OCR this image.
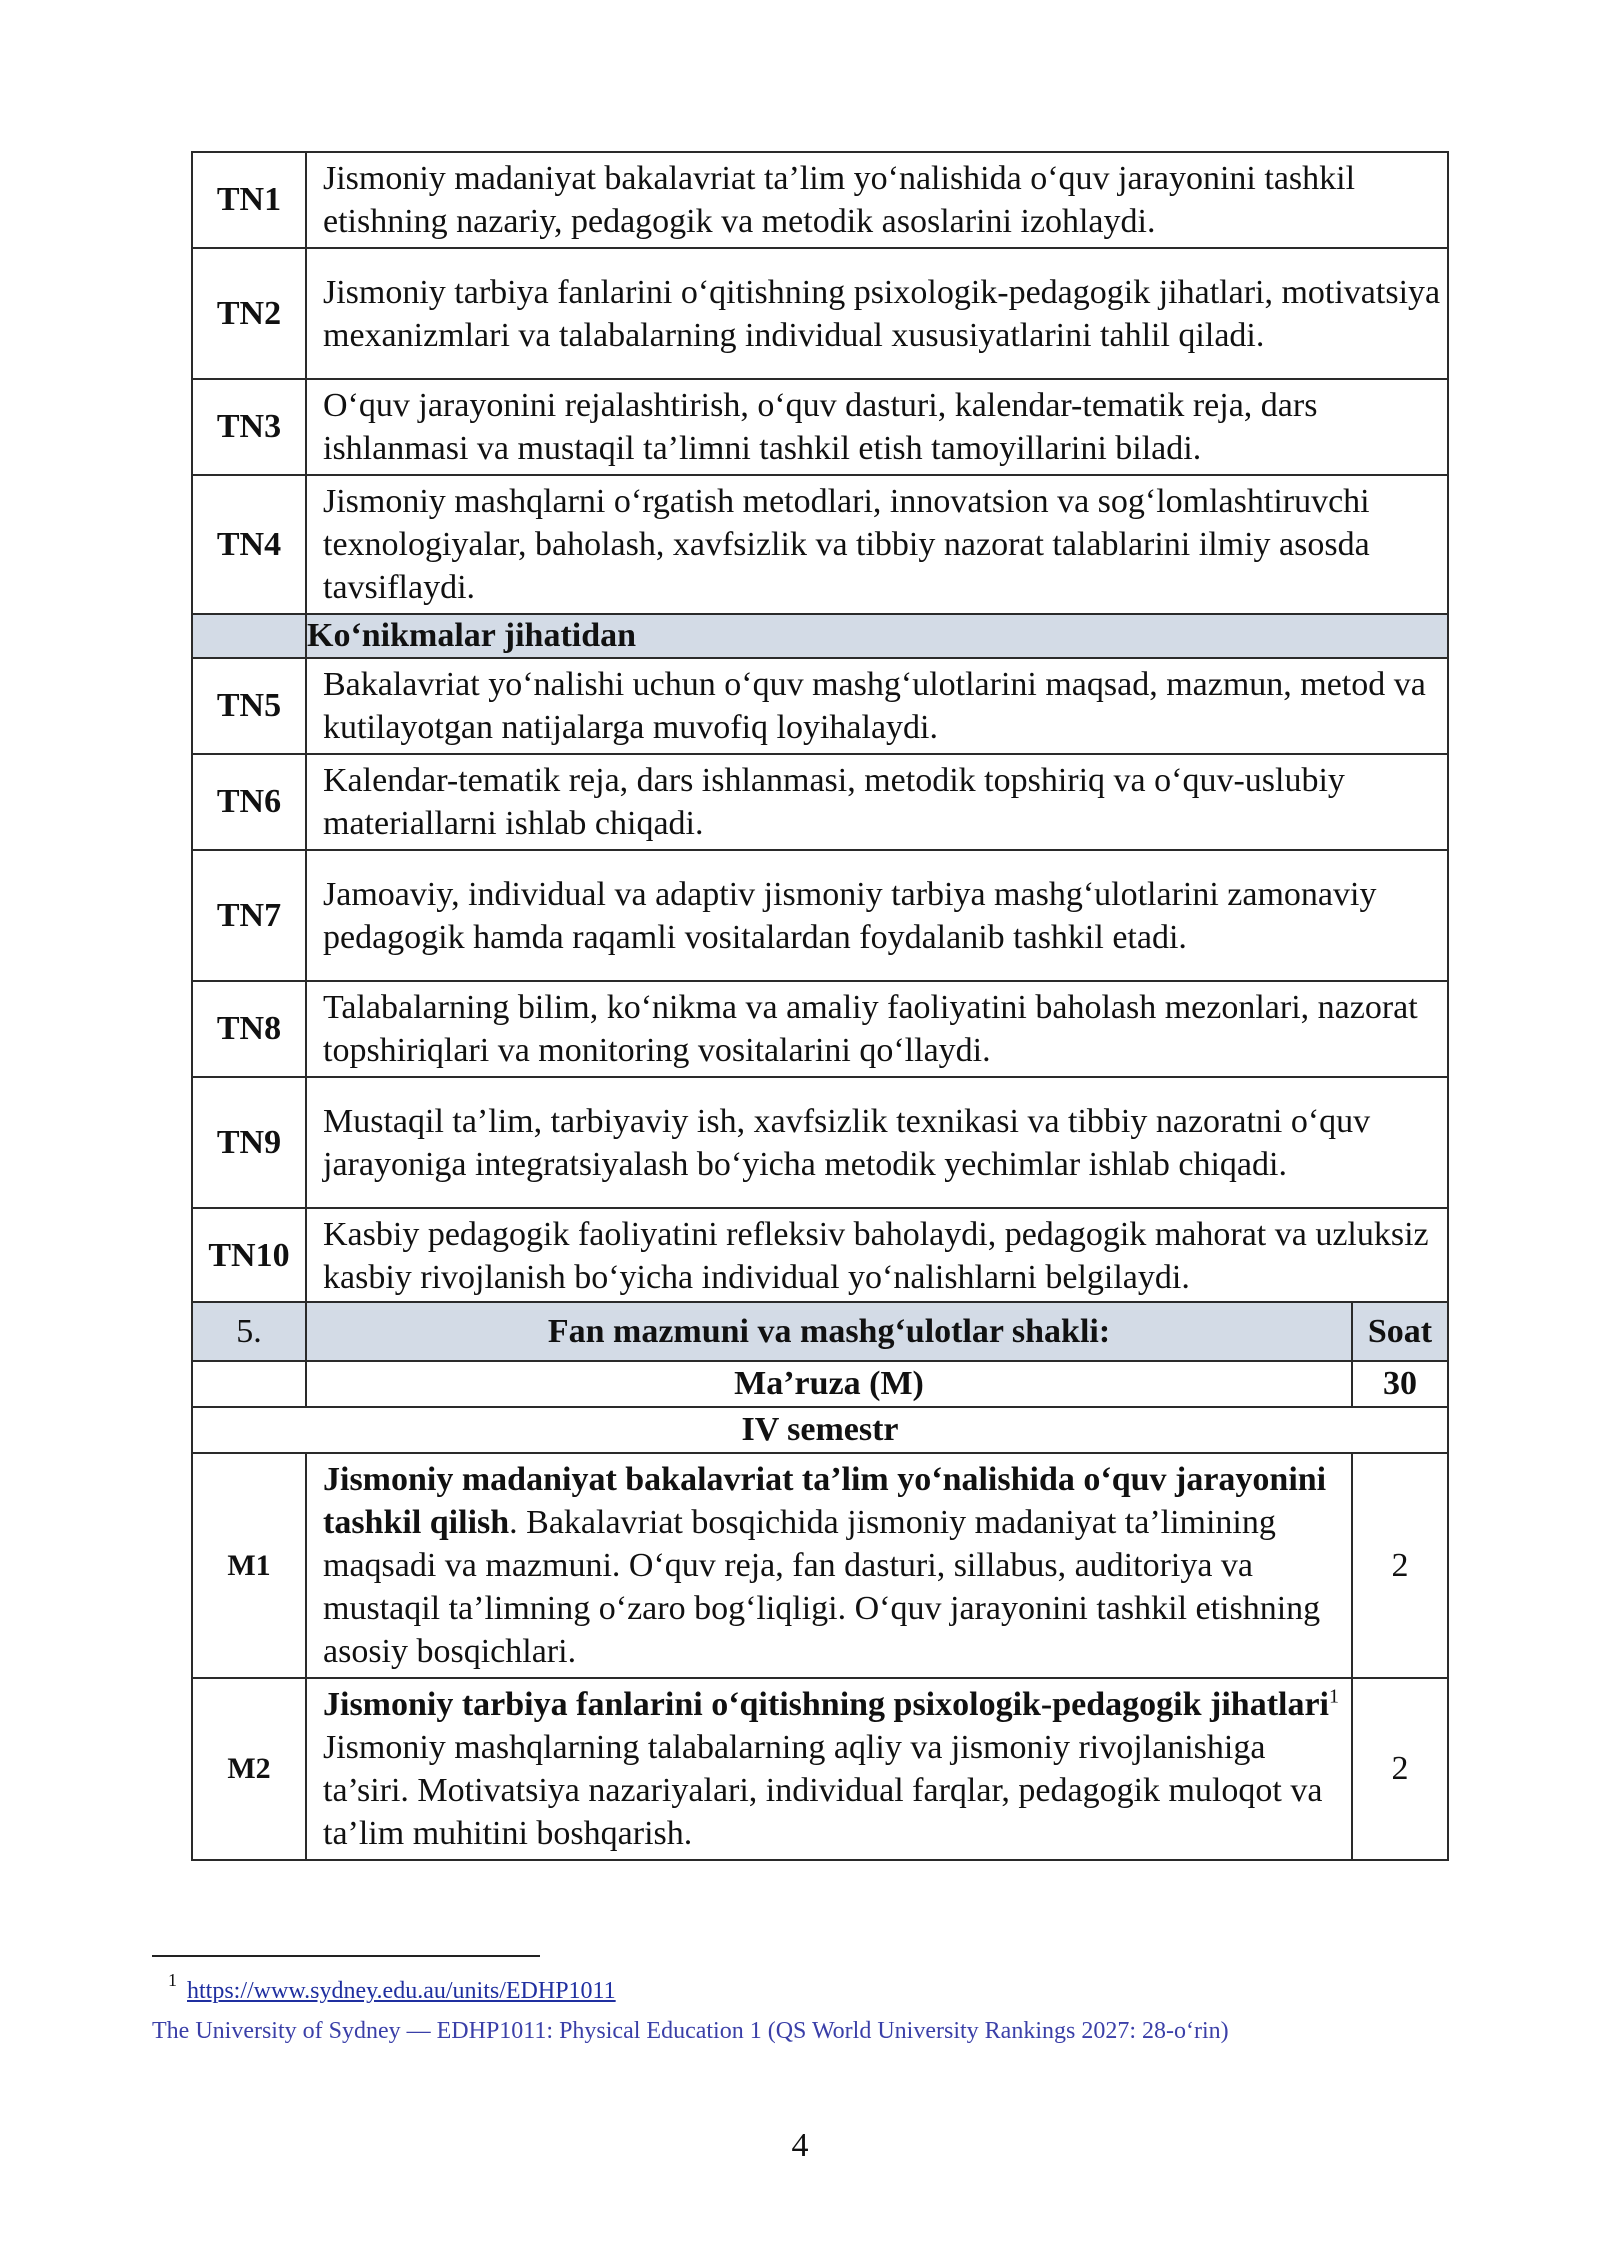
TN1	Jismoniy madaniyat bakalavriat ta’lim yo‘nalishida o‘quv jarayonini tashkil etishning nazariy, pedagogik va metodik asoslarini izohlaydi.
TN2	Jismoniy tarbiya fanlarini o‘qitishning psixologik-pedagogik jihatlari, motivatsiya mexanizmlari va talabalarning individual xususiyatlarini tahlil qiladi.
TN3	O‘quv jarayonini rejalashtirish, o‘quv dasturi, kalendar-tematik reja, dars ishlanmasi va mustaqil ta’limni tashkil etish tamoyillarini biladi.
TN4	Jismoniy mashqlarni o‘rgatish metodlari, innovatsion va sog‘lomlashtiruvchi texnologiyalar, baholash, xavfsizlik va tibbiy nazorat talablarini ilmiy asosda tavsiflaydi.
	Ko‘nikmalar jihatidan
TN5	Bakalavriat yo‘nalishi uchun o‘quv mashg‘ulotlarini maqsad, mazmun, metod va kutilayotgan natijalarga muvofiq loyihalaydi.
TN6	Kalendar-tematik reja, dars ishlanmasi, metodik topshiriq va o‘quv-uslubiy materiallarni ishlab chiqadi.
TN7	Jamoaviy, individual va adaptiv jismoniy tarbiya mashg‘ulotlarini zamonaviy pedagogik hamda raqamli vositalardan foydalanib tashkil etadi.
TN8	Talabalarning bilim, ko‘nikma va amaliy faoliyatini baholash mezonlari, nazorat topshiriqlari va monitoring vositalarini qo‘llaydi.
TN9	Mustaqil ta’lim, tarbiyaviy ish, xavfsizlik texnikasi va tibbiy nazoratni o‘quv jarayoniga integratsiyalash bo‘yicha metodik yechimlar ishlab chiqadi.
TN10	Kasbiy pedagogik faoliyatini refleksiv baholaydi, pedagogik mahorat va uzluksiz kasbiy rivojlanish bo‘yicha individual yo‘nalishlarni belgilaydi.
5.	Fan mazmuni va mashg‘ulotlar shakli:	Soat
	Ma’ruza (M)	30
IV semestr		
M1	Jismoniy madaniyat bakalavriat ta’lim yo‘nalishida o‘quv jarayonini tashkil qilish. Bakalavriat bosqichida jismoniy madaniyat ta’limining maqsadi va mazmuni. O‘quv reja, fan dasturi, sillabus, auditoriya va mustaqil ta’limning o‘zaro bog‘liqligi. O‘quv jarayonini tashkil etishning asosiy bosqichlari.	2
M2	Jismoniy tarbiya fanlarini o‘qitishning psixologik-pedagogik jihatlari$^1$ Jismoniy mashqlarning talabalarning aqliy va jismoniy rivojlanishiga ta’siri. Motivatsiya nazariyalari, individual farqlar, pedagogik muloqot va ta’lim muhitini boshqarish.	2
$^1$ https://www.sydney.edu.au/units/EDHP1011
The University of Sydney — EDHP1011: Physical Education 1 (QS World University Rankings 2027: 28-o‘rin)
4
